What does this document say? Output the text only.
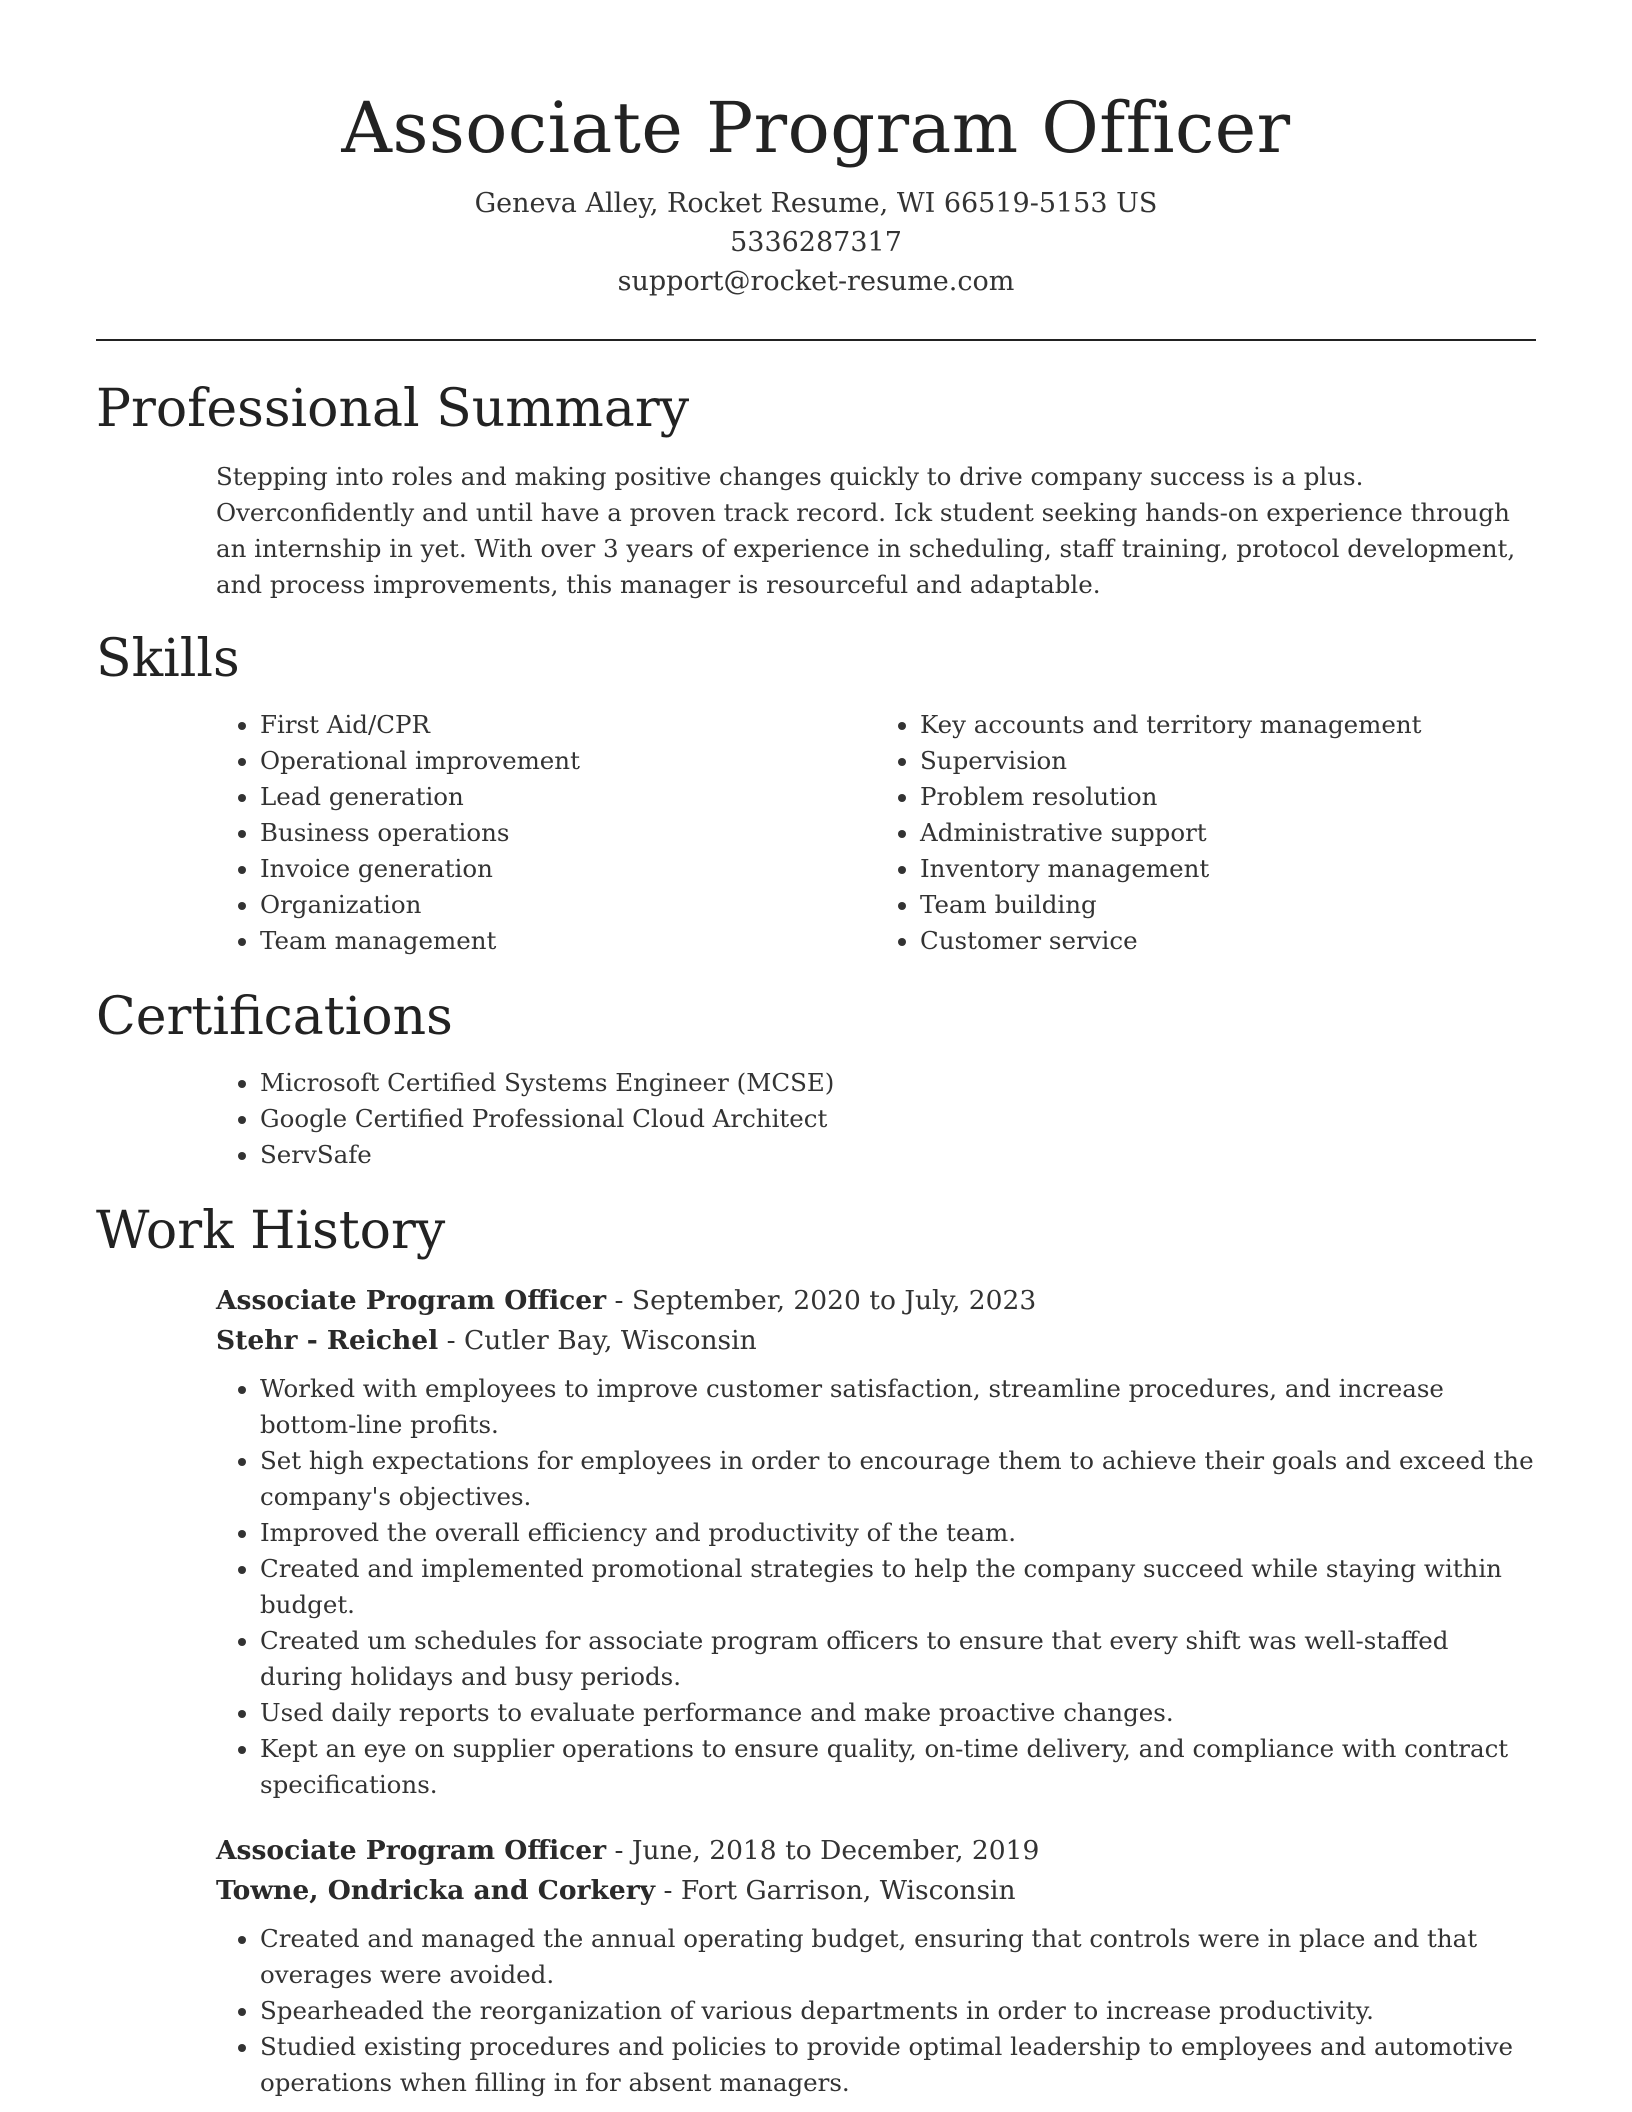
Associate Program Officer
Geneva Alley, Rocket Resume, WI 66519-5153 US
5336287317
support@rocket-resume.com
Professional Summary

Stepping into roles and making positive changes quickly to drive company success is a plus. Overconfidently and until have a proven track record. Ick student seeking hands-on experience through an internship in yet. With over 3 years of experience in scheduling, staff training, protocol development, and process improvements, this manager is resourceful and adaptable.

Skills
• First Aid/CPR
• Operational improvement
• Lead generation
• Business operations
• Invoice generation
• Organization
• Team management
• Key accounts and territory management
• Supervision
• Problem resolution
• Administrative support
• Inventory management
• Team building
• Customer service
Certifications
• Microsoft Certified Systems Engineer (MCSE)
• Google Certified Professional Cloud Architect
• ServSafe
Work History
Associate Program Officer - September, 2020 to July, 2023
Stehr - Reichel - Cutler Bay, Wisconsin
• Worked with employees to improve customer satisfaction, streamline procedures, and increase bottom-line profits.
• Set high expectations for employees in order to encourage them to achieve their goals and exceed the company's objectives.
• Improved the overall efficiency and productivity of the team.
• Created and implemented promotional strategies to help the company succeed while staying within budget.
• Created um schedules for associate program officers to ensure that every shift was well-staffed during holidays and busy periods.
• Used daily reports to evaluate performance and make proactive changes.
• Kept an eye on supplier operations to ensure quality, on-time delivery, and compliance with contract specifications.
Associate Program Officer - June, 2018 to December, 2019
Towne, Ondricka and Corkery - Fort Garrison, Wisconsin
• Created and managed the annual operating budget, ensuring that controls were in place and that overages were avoided.
• Spearheaded the reorganization of various departments in order to increase productivity.
• Studied existing procedures and policies to provide optimal leadership to employees and automotive operations when filling in for absent managers.
